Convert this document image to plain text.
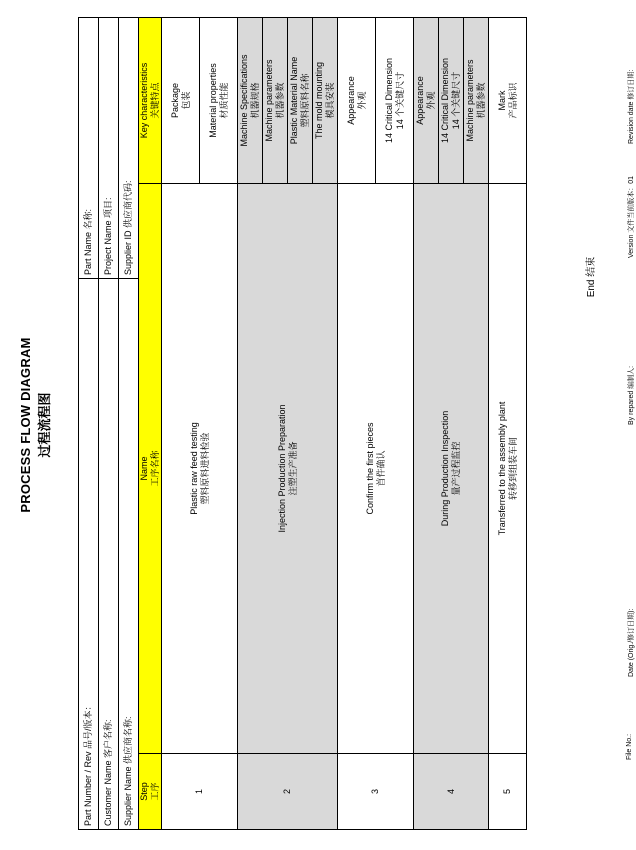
PROCESS FLOW DIAGRAM 过程流程图
Part Number / Rev 品号/版本：			Part Name 名称:	
Customer Name 客户名称:			Project Name 项目:	
Supplier Name 供应商名称:			Supplier ID 供应商代码:	

Step 工序	Name 工序名称			Key characteristics 关键特点

1	Plastic raw feed testing 塑料原料进料检验			Package 包装

				Material properties 材质性能

2	Injection Production Preparation 注塑生产准备			Machine Specifications 机器规格

				Machine parameters 机器参数

				Plastic Material Name 塑料原料名称

				The mold mounting 模具安装

3	Confirm the first pieces 首件确认			Appearance 外观

				14 Critical Dimension 14 个关键尺寸

4	During Production Inspection 量产过程监控			Appearance 外观

				14 Critical Dimension 14 个关键尺寸

				Machine parameters 机器参数

5	Transferred to the assembly plant 转移到组装车间			Mark 产品标识
End 结束
File No.:
Date (Orig./修订日期):
By repared 编制人:
Version 文件当前版本：01
Revision date 修订日期:
